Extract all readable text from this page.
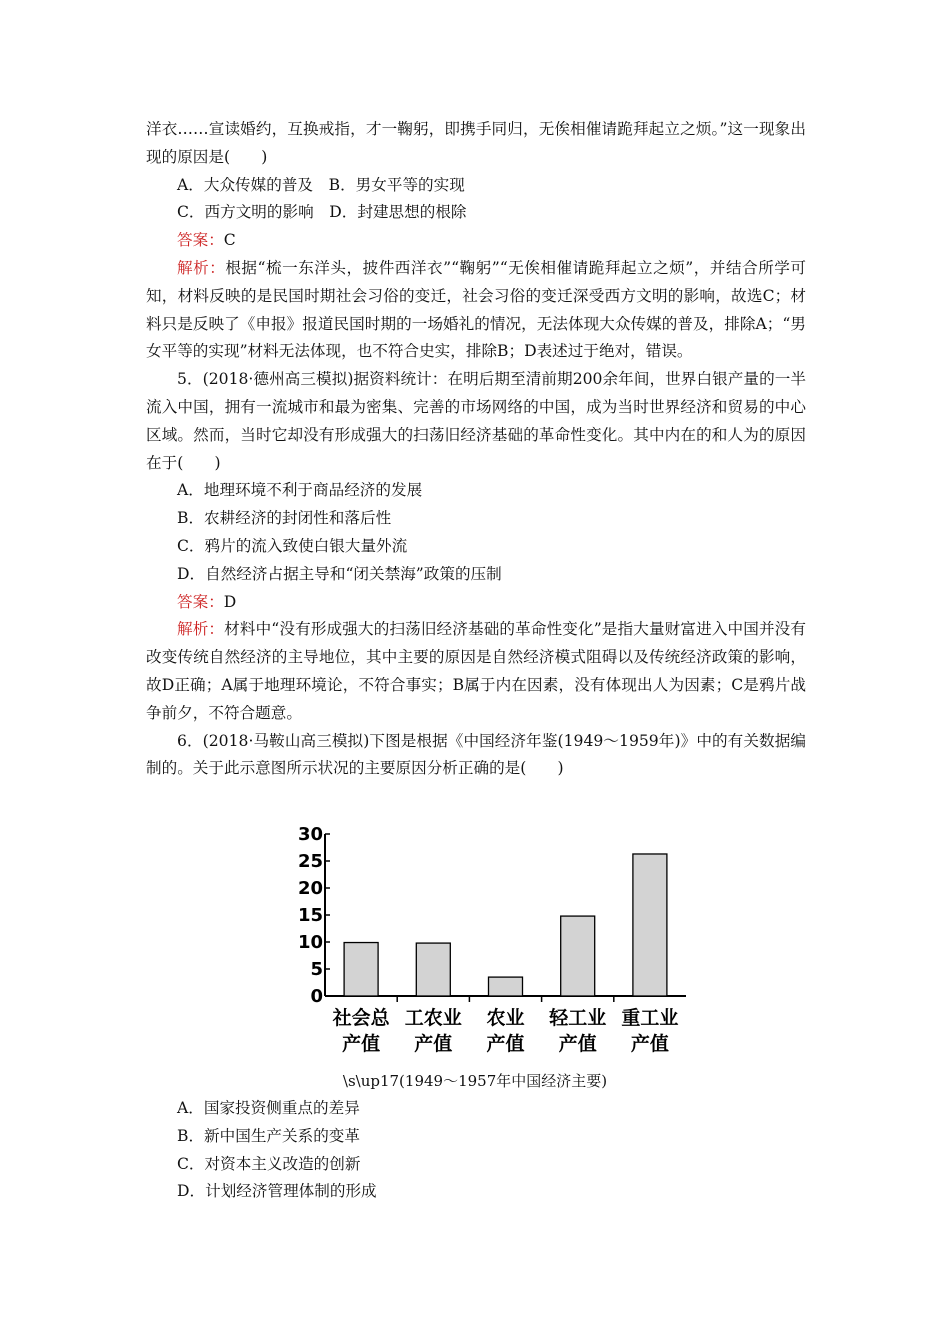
洋衣……宣读婚约，互换戒指，才一鞠躬，即携手同归，无俟相催请跪拜起立之烦。”这一现象出现的原因是(　　)

A．大众传媒的普及　B．男女平等的实现

C．西方文明的影响　D．封建思想的根除

答案：C

解析：根据“梳一东洋头，披件西洋衣”“鞠躬”“无俟相催请跪拜起立之烦”，并结合所学可知，材料反映的是民国时期社会习俗的变迁，社会习俗的变迁深受西方文明的影响，故选C；材料只是反映了《申报》报道民国时期的一场婚礼的情况，无法体现大众传媒的普及，排除A；“男女平等的实现”材料无法体现，也不符合史实，排除B；D表述过于绝对，错误。

5．(2018·德州高三模拟)据资料统计：在明后期至清前期200余年间，世界白银产量的一半流入中国，拥有一流城市和最为密集、完善的市场网络的中国，成为当时世界经济和贸易的中心区域。然而，当时它却没有形成强大的扫荡旧经济基础的革命性变化。其中内在的和人为的原因在于(　　)

A．地理环境不利于商品经济的发展

B．农耕经济的封闭性和落后性

C．鸦片的流入致使白银大量外流

D．自然经济占据主导和“闭关禁海”政策的压制

答案：D

解析：材料中“没有形成强大的扫荡旧经济基础的革命性变化”是指大量财富进入中国并没有改变传统自然经济的主导地位，其中主要的原因是自然经济模式阻碍以及传统经济政策的影响，故D正确；A属于地理环境论，不符合事实；B属于内在因素，没有体现出人为因素；C是鸦片战争前夕，不符合题意。

6．(2018·马鞍山高三模拟)下图是根据《中国经济年鉴(1949～1959年)》中的有关数据编制的。关于此示意图所示状况的主要原因分析正确的是(　　)

0
5
10
15
20
25
30
社会总
产值
工农业
产值
农业
产值
轻工业
产值
重工业
产值
\s\up17(1949～1957年中国经济主要)

A．国家投资侧重点的差异

B．新中国生产关系的变革

C．对资本主义改造的创新

D．计划经济管理体制的形成
